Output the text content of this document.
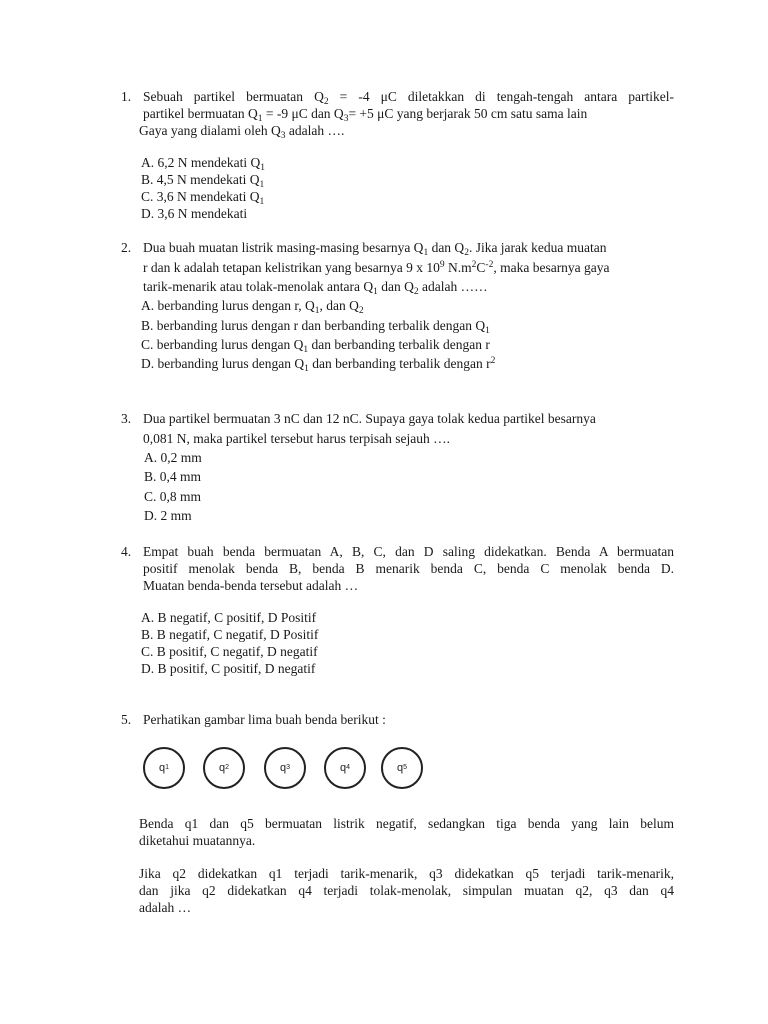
1. Sebuah partikel bermuatan $Q_2 = -4$ μC diletakkan di tengah-tengah antara partikel-
partikel bermuatan $Q_1 = -9$ μC dan $Q_3= +5$ μC yang berjarak 50 cm satu sama lain
Gaya yang dialami oleh $Q_3$ adalah ….
A. 6,2 N mendekati $Q_1$
B. 4,5 N mendekati $Q_1$
C. 3,6 N mendekati $Q_1$
D. 3,6 N mendekati
2. Dua buah muatan listrik masing-masing besarnya $Q_1$ dan $Q_2$. Jika jarak kedua muatan
r dan k adalah tetapan kelistrikan yang besarnya 9 x $10^9$ $N.m^2C^{-2}$, maka besarnya gaya
tarik-menarik atau tolak-menolak antara $Q_1$ dan $Q_2$ adalah ……
A. berbanding lurus dengan r, $Q_1$, dan $Q_2$
B. berbanding lurus dengan r dan berbanding terbalik dengan $Q_1$
C. berbanding lurus dengan $Q_1$ dan berbanding terbalik dengan r
D. berbanding lurus dengan $Q_1$ dan berbanding terbalik dengan $r^2$
3. Dua partikel bermuatan 3 nC dan 12 nC. Supaya gaya tolak kedua partikel besarnya
0,081 N, maka partikel tersebut harus terpisah sejauh ….
A. 0,2 mm
B. 0,4 mm
C. 0,8 mm
D. 2 mm
4. Empat buah benda bermuatan A, B, C, dan D saling didekatkan. Benda A bermuatan
positif menolak benda B, benda B menarik benda C, benda C menolak benda D.
Muatan benda-benda tersebut adalah …
A. B negatif, C positif, D Positif
B. B negatif, C negatif, D Positif
C. B positif, C negatif, D negatif
D. B positif, C positif, D negatif
5. Perhatikan gambar lima buah benda berikut :
q 1	q 2	q 3	q 4	q 5
Benda q1 dan q5 bermuatan listrik negatif, sedangkan tiga benda yang lain belum
diketahui muatannya.
Jika q2 didekatkan q1 terjadi tarik-menarik, q3 didekatkan q5 terjadi tarik-menarik,
dan jika q2 didekatkan q4 terjadi tolak-menolak, simpulan muatan q2, q3 dan q4
adalah …
